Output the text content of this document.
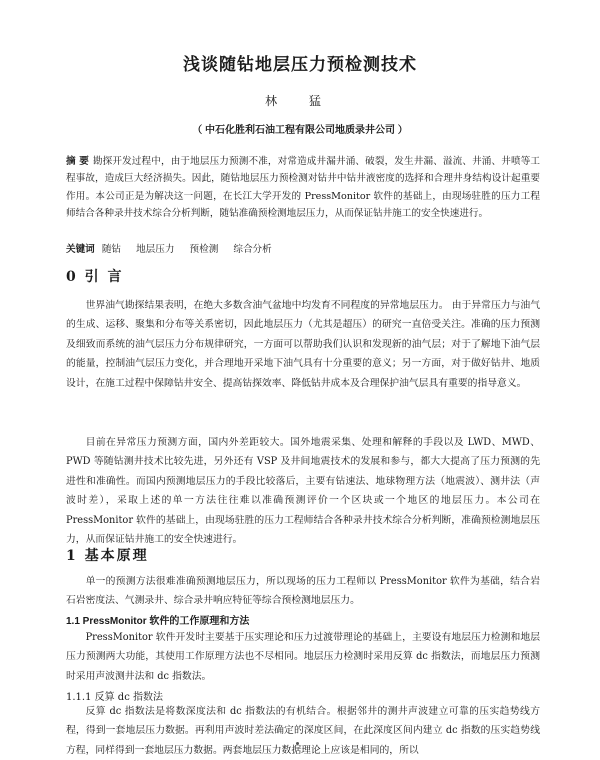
浅谈随钻地层压力预检测技术
林 猛
（ 中石化胜利石油工程有限公司地质录井公司 ）
摘 要 勘探开发过程中，由于地层压力预测不准，对常造成井漏井涌、破裂，发生井漏、溢流、井涌、井喷等工程事故，造成巨大经济损失。因此，随钻地层压力预检测对钻井中钻井液密度的选择和合理井身结构设计起重要作用。本公司正是为解决这一问题，在长江大学开发的 PressMonitor 软件的基础上，由现场驻胜的压力工程师结合各种录井技术综合分析判断，随钻准确预检测地层压力，从而保证钻井施工的安全快速进行。
关键词 随钻 地层压力 预检测 综合分析
0 引 言
世界油气勘探结果表明，在绝大多数含油气盆地中均发育不同程度的异常地层压力。 由于异常压力与油气的生成、运移、聚集和分布等关系密切，因此地层压力（尤其是超压）的研究一直倍受关注。准确的压力预测及细致而系统的油气层压力分布规律研究，一方面可以帮助我们认识和发现新的油气层；对于了解地下油气层的能量，控制油气层压力变化，并合理地开采地下油气具有十分重要的意义；另一方面，对于做好钻井、地质设计，在施工过程中保障钻井安全、提高钻探效率、降低钻井成本及合理保护油气层具有重要的指导意义。
目前在异常压力预测方面，国内外差距较大。国外地震采集、处理和解释的手段以及 LWD、MWD、PWD 等随钻测井技术比较先进，另外还有 VSP 及井间地震技术的发展和参与，都大大提高了压力预测的先进性和准确性。而国内预测地层压力的手段比较落后，主要有钻速法、地球物理方法（地震波）、测井法（声波时差），采取上述的单一方法往往难以准确预测评价一个区块或一个地区的地层压力。本公司在 PressMonitor 软件的基础上，由现场驻胜的压力工程师结合各种录井技术综合分析判断，准确预检测地层压力，从而保证钻井施工的安全快速进行。
1 基本原理
单一的预测方法很难准确预测地层压力，所以现场的压力工程师以 PressMonitor 软件为基础，结合岩石岩密度法、气测录井、综合录井响应特征等综合预检测地层压力。
1.1 PressMonitor 软件的工作原理和方法
PressMonitor 软件开发时主要基于压实理论和压力过渡带理论的基础上，主要设有地层压力检测和地层压力预测两大功能，其使用工作原理方法也不尽相同。地层压力检测时采用反算 dc 指数法，而地层压力预测时采用声波测井法和 dc 指数法。
1.1.1 反算 dc 指数法
反算 dc 指数法是将数深度法和 dc 指数法的有机结合。根据邻井的测井声波建立可靠的压实趋势线方程，得到一套地层压力数据。再利用声波时差法确定的深度区间，在此深度区间内建立 dc 指数的压实趋势线方程，同样得到一套地层压力数据。两套地层压力数据理论上应该是相同的，所以
